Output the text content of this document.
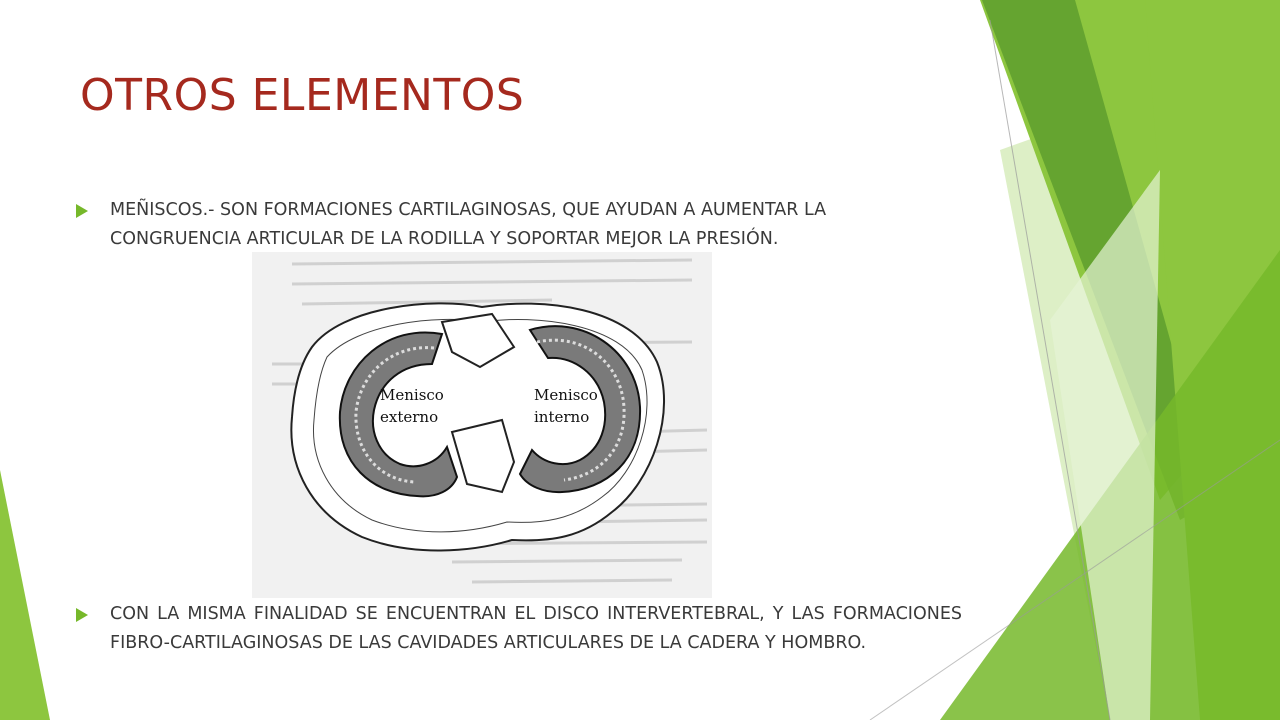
OTROS ELEMENTOS
MEÑISCOS.- SON FORMACIONES CARTILAGINOSAS, QUE AYUDAN A AUMENTAR LA CONGRUENCIA ARTICULAR DE LA RODILLA Y SOPORTAR MEJOR LA PRESIÓN.
Menisco
externo
Menisco
interno
CON LA MISMA FINALIDAD SE ENCUENTRAN EL DISCO INTERVERTEBRAL, Y LAS FORMACIONES FIBRO-CARTILAGINOSAS DE LAS CAVIDADES ARTICULARES DE LA CADERA Y HOMBRO.
